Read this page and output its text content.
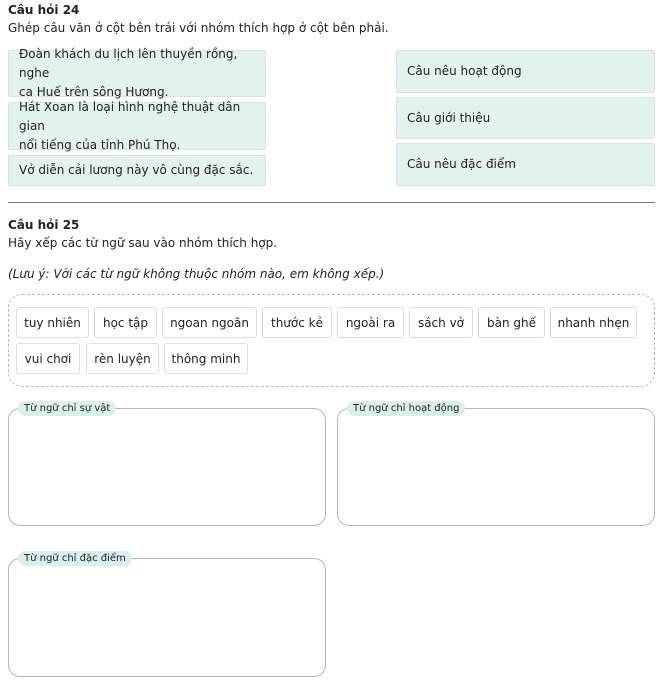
Câu hỏi 24
Ghép câu văn ở cột bên trái với nhóm thích hợp ở cột bên phải.
Đoàn khách du lịch lên thuyền rồng, nghe
ca Huế trên sông Hương.
Hát Xoan là loại hình nghệ thuật dân gian
nổi tiếng của tỉnh Phú Thọ.
Vở diễn cải lương này vô cùng đặc sắc.
Câu nêu hoạt động
Câu giới thiệu
Câu nêu đặc điểm
Câu hỏi 25
Hãy xếp các từ ngữ sau vào nhóm thích hợp.
(Lưu ý: Với các từ ngữ không thuộc nhóm nào, em không xếp.)
tuy nhiên	học tập	ngoan ngoãn	thước kẻ	ngoài ra	sách vở	bàn ghế	nhanh nhẹn
vui chơi	rèn luyện	thông minh
Từ ngữ chỉ sự vật	Từ ngữ chỉ hoạt động
Từ ngữ chỉ đặc điểm
